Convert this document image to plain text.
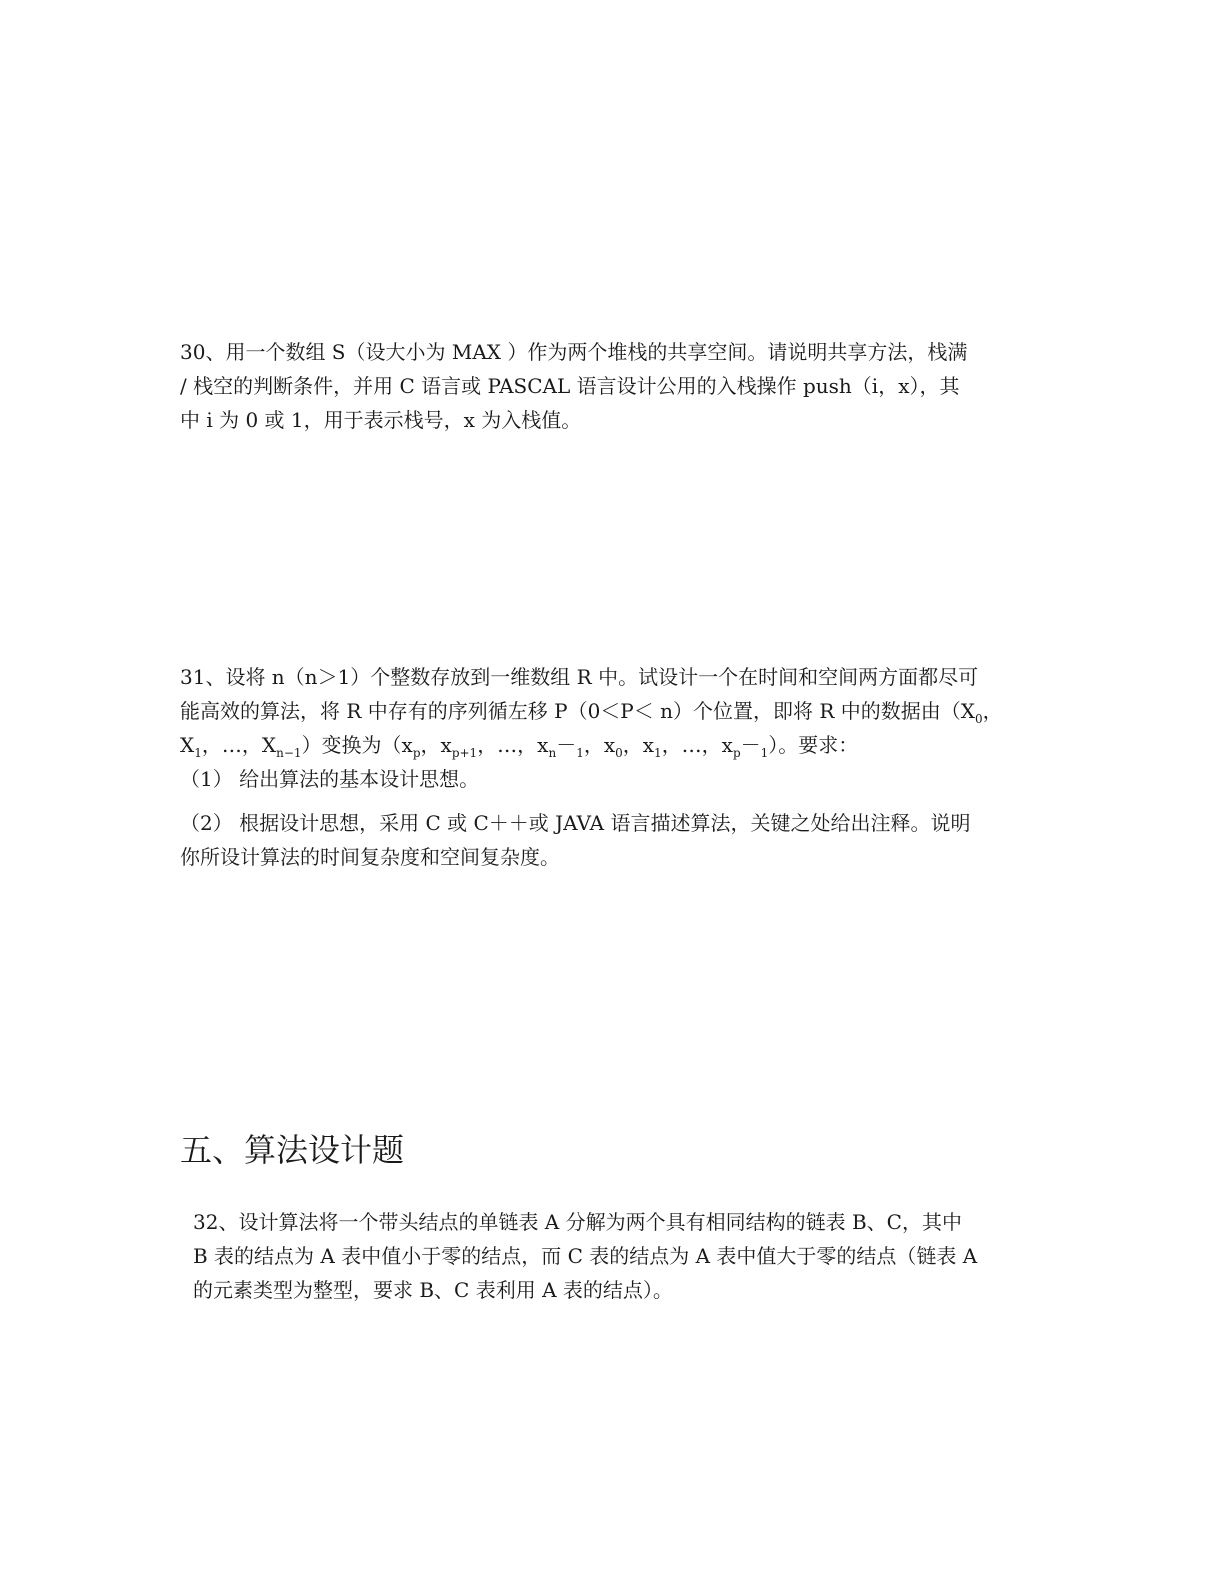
30、用一个数组 S（设大小为 MAX ）作为两个堆栈的共享空间。请说明共享方法，栈满
/ 栈空的判断条件，并用 C 语言或 PASCAL 语言设计公用的入栈操作 push（i，x），其
中 i 为 0 或 1，用于表示栈号，x 为入栈值。
31、设将 n（n＞1）个整数存放到一维数组 R 中。试设计一个在时间和空间两方面都尽可
能高效的算法，将 R 中存有的序列循左移 P（0＜P＜ n）个位置，即将 R 中的数据由（$X_0$，
$X_1$，…，$X_{n-1}$）变换为（$x_p$，$x_{p+1}$，…，$x_n-_1$，$x_0$，$x_1$，…，$x_p-_1$）。要求：
（1） 给出算法的基本设计思想。
（2） 根据设计思想，采用 C 或 C＋＋或 JAVA 语言描述算法，关键之处给出注释。说明
你所设计算法的时间复杂度和空间复杂度。
五、算法设计题
32、设计算法将一个带头结点的单链表 A 分解为两个具有相同结构的链表 B、C，其中
B 表的结点为 A 表中值小于零的结点，而 C 表的结点为 A 表中值大于零的结点（链表 A
的元素类型为整型，要求 B、C 表利用 A 表的结点）。
